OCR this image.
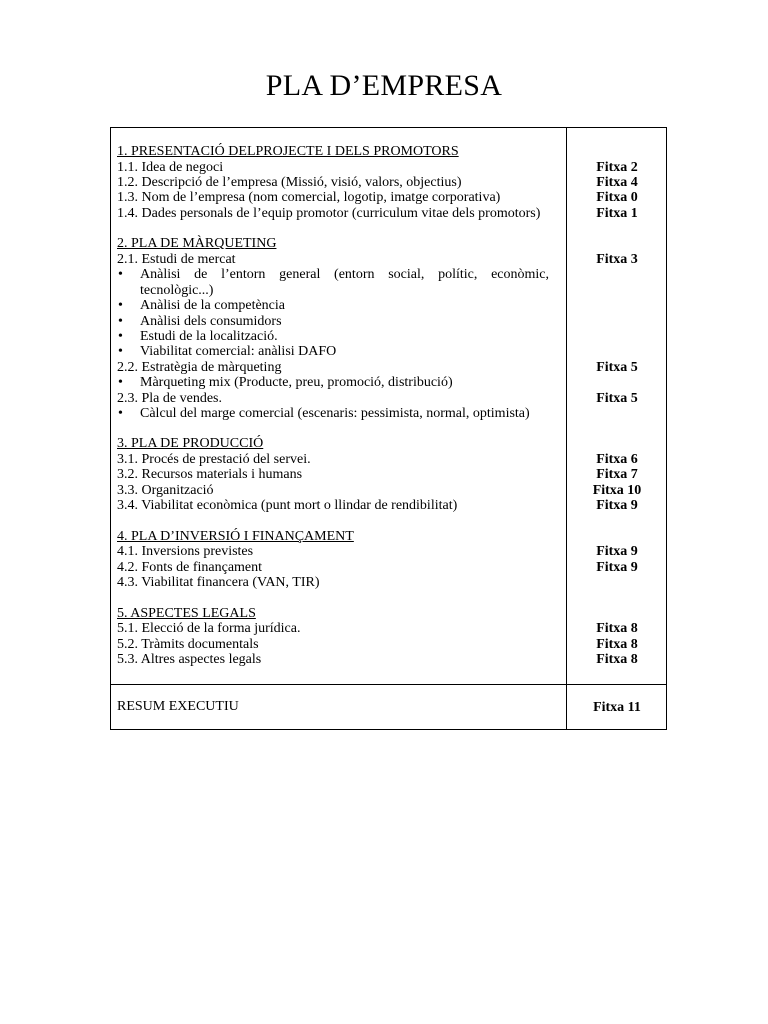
PLA D’EMPRESA
1. PRESENTACIÓ DELPROJECTE I DELS PROMOTORS
1.1. Idea de negoci	Fitxa 2
1.2. Descripció de l’empresa (Missió, visió, valors, objectius)	Fitxa 4
1.3. Nom de l’empresa (nom comercial, logotip, imatge corporativa)	Fitxa 0
1.4. Dades personals de l’equip promotor (curriculum vitae dels promotors)	Fitxa 1
2. PLA DE MÀRQUETING
2.1. Estudi de mercat	Fitxa 3
• Anàlisi de l’entorn general (entorn social, polític, econòmic, tecnològic...)
• Anàlisi de la competència
• Anàlisi dels consumidors
• Estudi de la localització.
• Viabilitat comercial: anàlisi DAFO
2.2. Estratègia de màrqueting	Fitxa 5
• Màrqueting mix (Producte, preu, promoció, distribució)
2.3. Pla de vendes.	Fitxa 5
• Càlcul del marge comercial (escenaris: pessimista, normal, optimista)
3. PLA DE PRODUCCIÓ
3.1. Procés de prestació del servei.	Fitxa 6
3.2. Recursos materials i humans	Fitxa 7
3.3. Organització	Fitxa 10
3.4. Viabilitat econòmica (punt mort o llindar de rendibilitat)	Fitxa 9
4. PLA D’INVERSIÓ I FINANÇAMENT
4.1. Inversions previstes	Fitxa 9
4.2. Fonts de finançament	Fitxa 9
4.3. Viabilitat financera (VAN, TIR)
5. ASPECTES LEGALS
5.1. Elecció de la forma jurídica.	Fitxa 8
5.2. Tràmits documentals	Fitxa 8
5.3. Altres aspectes legals	Fitxa 8
RESUM EXECUTIU	Fitxa 11
